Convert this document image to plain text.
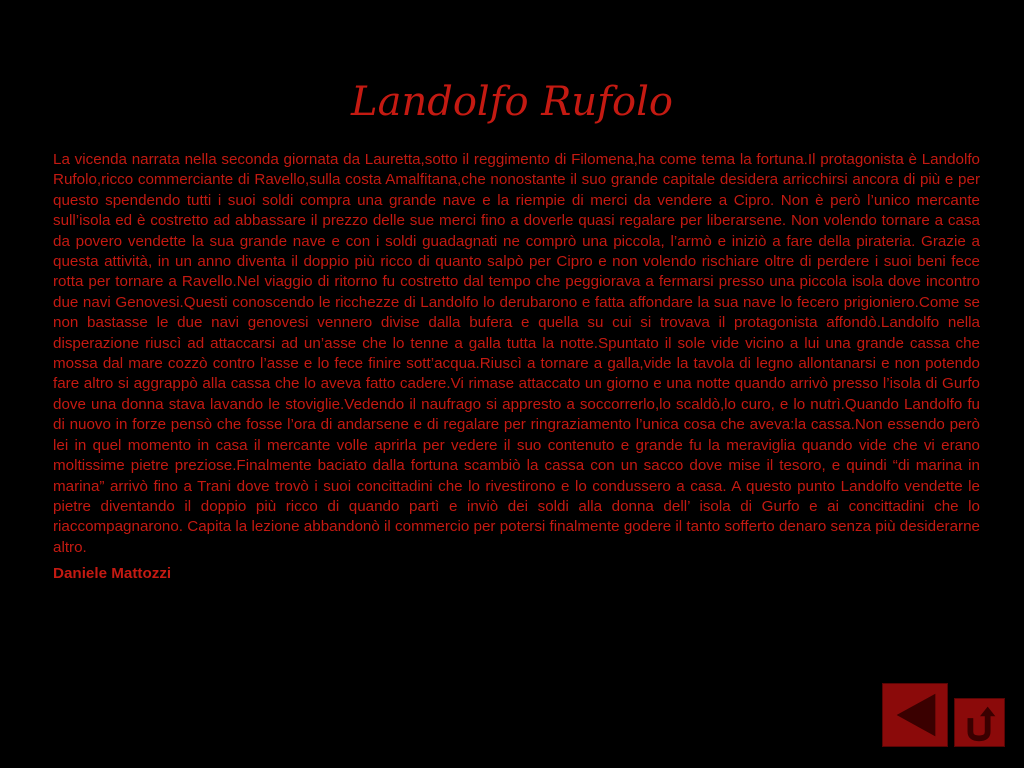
Landolfo Rufolo

La vicenda narrata nella seconda giornata da Lauretta,sotto il reggimento di Filomena,ha come tema la fortuna.Il protagonista è Landolfo Rufolo,ricco commerciante di Ravello,sulla costa Amalfitana,che nonostante il suo grande capitale desidera arricchirsi ancora di più e per questo spendendo tutti i suoi soldi compra una grande nave e la riempie di merci da vendere a Cipro. Non è però l’unico mercante sull’isola ed è costretto ad abbassare il prezzo delle sue merci fino a doverle quasi regalare per liberarsene. Non volendo tornare a casa da povero vendette la sua grande nave e con i soldi guadagnati ne comprò una piccola, l’armò e iniziò a fare della pirateria. Grazie a questa attività, in un anno diventa il doppio più ricco di quanto salpò per Cipro e non volendo rischiare oltre di perdere i suoi beni fece rotta per tornare a Ravello.Nel viaggio di ritorno fu costretto dal tempo che peggiorava a fermarsi presso una piccola isola dove incontro due navi Genovesi.Questi conoscendo le ricchezze di Landolfo lo derubarono e fatta affondare la sua nave lo fecero prigioniero.Come se non bastasse le due navi genovesi vennero divise dalla bufera e quella su cui si trovava il protagonista affondò.Landolfo nella disperazione riuscì ad attaccarsi ad un’asse che lo tenne a galla tutta la notte.Spuntato il sole vide vicino a lui una grande cassa che mossa dal mare cozzò contro l’asse e lo fece finire sott’acqua.Riuscì a tornare a galla,vide la tavola di legno allontanarsi e non potendo fare altro si aggrappò alla cassa che lo aveva fatto cadere.Vi rimase attaccato un giorno e una notte quando arrivò presso l’isola di Gurfo dove una donna stava lavando le stoviglie.Vedendo il naufrago si appresto a soccorrerlo,lo scaldò,lo curo, e lo nutrì.Quando Landolfo fu di nuovo in forze pensò che fosse l’ora di andarsene e di regalare per ringraziamento l’unica cosa che aveva:la cassa.Non essendo però lei in quel momento in casa il mercante volle aprirla per vedere il suo contenuto e grande fu la meraviglia quando vide che vi erano moltissime pietre preziose.Finalmente baciato dalla fortuna scambiò la cassa con un sacco dove mise il tesoro, e quindi “di marina in marina” arrivò fino a Trani dove trovò i suoi concittadini che lo rivestirono e lo condussero a casa. A questo punto Landolfo vendette le pietre diventando il doppio più ricco di quando partì e inviò dei soldi alla donna dell’ isola di Gurfo e ai concittadini che lo riaccompagnarono. Capita la lezione abbandonò il commercio per potersi finalmente godere il tanto sofferto denaro senza più desiderarne altro.

Daniele Mattozzi
